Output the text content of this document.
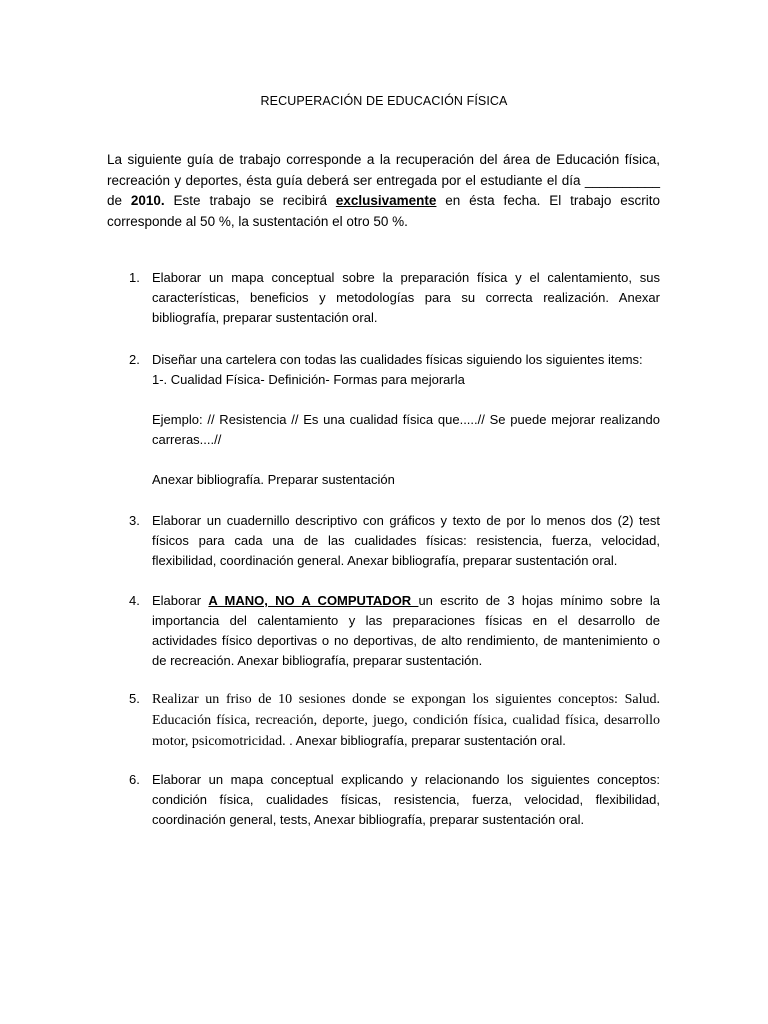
RECUPERACIÓN DE EDUCACIÓN FÍSICA

La siguiente guía de trabajo corresponde a la recuperación del área de Educación física, recreación y deportes, ésta guía deberá ser entregada por el estudiante el día __________ de 2010. Este trabajo se recibirá exclusivamente en ésta fecha. El trabajo escrito corresponde al 50 %, la sustentación el otro 50 %.

1. Elaborar un mapa conceptual sobre la preparación física y el calentamiento, sus características, beneficios y metodologías para su correcta realización. Anexar bibliografía, preparar sustentación oral.

2. Diseñar una cartelera con todas las cualidades físicas siguiendo los siguientes items:

1-. Cualidad Física- Definición- Formas para mejorarla

Ejemplo: // Resistencia // Es una cualidad física que.....// Se puede mejorar realizando carreras....//

Anexar bibliografía. Preparar sustentación

3. Elaborar un cuadernillo descriptivo con gráficos y texto de por lo menos dos (2) test físicos para cada una de las cualidades físicas: resistencia, fuerza, velocidad, flexibilidad, coordinación general. Anexar bibliografía, preparar sustentación oral.

4. Elaborar A MANO, NO A COMPUTADOR un escrito de 3 hojas mínimo sobre la importancia del calentamiento y las preparaciones físicas en el desarrollo de actividades físico deportivas o no deportivas, de alto rendimiento, de mantenimiento o de recreación. Anexar bibliografía, preparar sustentación.

5. Realizar un friso de 10 sesiones donde se expongan los siguientes conceptos: Salud. Educación física, recreación, deporte, juego, condición física, cualidad física, desarrollo motor, psicomotricidad. . Anexar bibliografía, preparar sustentación oral.

6. Elaborar un mapa conceptual explicando y relacionando los siguientes conceptos: condición física, cualidades físicas, resistencia, fuerza, velocidad, flexibilidad, coordinación general, tests, Anexar bibliografía, preparar sustentación oral.
